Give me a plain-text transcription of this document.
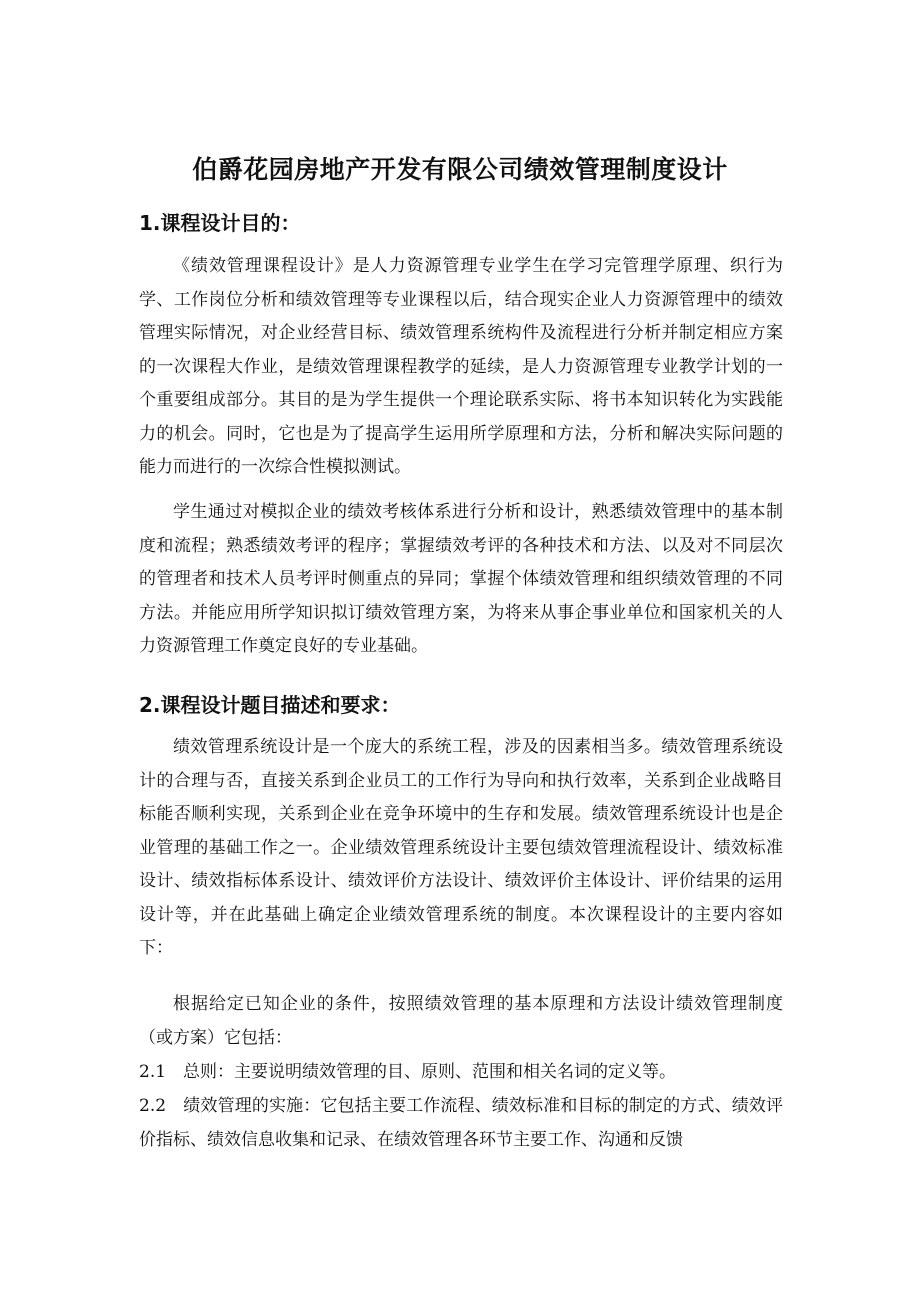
伯爵花园房地产开发有限公司绩效管理制度设计
1.课程设计目的：

《绩效管理课程设计》是人力资源管理专业学生在学习完管理学原理、织行为学、工作岗位分析和绩效管理等专业课程以后，结合现实企业人力资源管理中的绩效管理实际情况，对企业经营目标、绩效管理系统构件及流程进行分析并制定相应方案的一次课程大作业，是绩效管理课程教学的延续，是人力资源管理专业教学计划的一个重要组成部分。其目的是为学生提供一个理论联系实际、将书本知识转化为实践能力的机会。同时，它也是为了提高学生运用所学原理和方法，分析和解决实际问题的能力而进行的一次综合性模拟测试。

学生通过对模拟企业的绩效考核体系进行分析和设计，熟悉绩效管理中的基本制度和流程；熟悉绩效考评的程序；掌握绩效考评的各种技术和方法、以及对不同层次的管理者和技术人员考评时侧重点的异同；掌握个体绩效管理和组织绩效管理的不同方法。并能应用所学知识拟订绩效管理方案，为将来从事企事业单位和国家机关的人力资源管理工作奠定良好的专业基础。

2.课程设计题目描述和要求：

绩效管理系统设计是一个庞大的系统工程，涉及的因素相当多。绩效管理系统设计的合理与否，直接关系到企业员工的工作行为导向和执行效率，关系到企业战略目标能否顺利实现，关系到企业在竞争环境中的生存和发展。绩效管理系统设计也是企业管理的基础工作之一。企业绩效管理系统设计主要包绩效管理流程设计、绩效标准设计、绩效指标体系设计、绩效评价方法设计、绩效评价主体设计、评价结果的运用设计等，并在此基础上确定企业绩效管理系统的制度。本次课程设计的主要内容如下：

根据给定已知企业的条件，按照绩效管理的基本原理和方法设计绩效管理制度（或方案）它包括：

2.1　总则：主要说明绩效管理的目、原则、范围和相关名词的定义等。

2.2　绩效管理的实施：它包括主要工作流程、绩效标准和目标的制定的方式、绩效评价指标、绩效信息收集和记录、在绩效管理各环节主要工作、沟通和反馈
